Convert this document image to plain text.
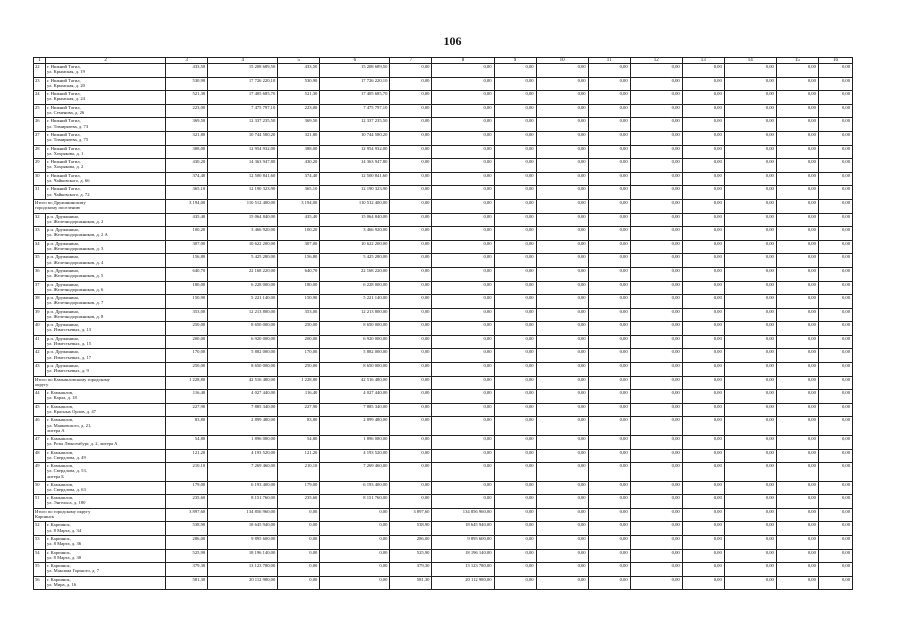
106
1	2	3	4	5	6	7	8	9	10	11	12	13	14	15	16
22	г. Нижний Тагил,
ул. Крымская, д. 19	433,50	15 208 689,50	433,50	15 208 689,50	0,00	0,00	0,00	0,00	0,00	0,00	0,00	0,00	0,00	0,00
23	г. Нижний Тагил,
ул. Крымская, д. 20	530,90	17 726 220,10	530,90	17 726 220,10	0,00	0,00	0,00	0,00	0,00	0,00	0,00	0,00	0,00	0,00
24	г. Нижний Тагил,
ул. Крымская, д. 24	521,30	17 405 685,70	521,30	17 405 685,70	0,00	0,00	0,00	0,00	0,00	0,00	0,00	0,00	0,00	0,00
25	г. Нижний Тагил,
ул. Семенова, д. 26	223,00	7 475 797,10	223,00	7 475 797,10	0,00	0,00	0,00	0,00	0,00	0,00	0,00	0,00	0,00	0,00
26	г. Нижний Тагил,
ул. Тимирязева, д. 73	369,50	12 337 235,50	369,50	12 337 235,50	0,00	0,00	0,00	0,00	0,00	0,00	0,00	0,00	0,00	0,00
27	г. Нижний Тагил,
ул. Тимирязева, д. 75	321,80	10 744 580,20	321,80	10 744 580,20	0,00	0,00	0,00	0,00	0,00	0,00	0,00	0,00	0,00	0,00
28	г. Нижний Тагил,
ул. Хохрякова, д. 1	388,00	12 954 932,00	388,00	12 954 932,00	0,00	0,00	0,00	0,00	0,00	0,00	0,00	0,00	0,00	0,00
29	г. Нижний Тагил,
ул. Хохрякова, д. 2	430,20	14 363 947,80	430,20	14 363 947,80	0,00	0,00	0,00	0,00	0,00	0,00	0,00	0,00	0,00	0,00
30	г. Нижний Тагил,
ул. Чайковского, д. 66	374,40	12 500 841,60	374,40	12 500 841,60	0,00	0,00	0,00	0,00	0,00	0,00	0,00	0,00	0,00	0,00
31	г. Нижний Тагил,
ул. Чайковского, д. 72	365,10	12 190 323,90	365,10	12 190 323,90	0,00	0,00	0,00	0,00	0,00	0,00	0,00	0,00	0,00	0,00

Итого по Дружининскому
городскому поселению		3 194,00	110 512 400,00	3 194,00	110 512 400,00	0,00	0,00	0,00	0,00	0,00	0,00	0,00	0,00	0,00	0,00
32	р.п. Дружинино,
ул. Железнодорожников, д. 2	435,40	15 064 840,00	435,40	15 064 840,00	0,00	0,00	0,00	0,00	0,00	0,00	0,00	0,00	0,00	0,00
33	р.п. Дружинино,
ул. Железнодорожников, д. 2 А	100,20	3 466 920,00	100,20	3 466 920,00	0,00	0,00	0,00	0,00	0,00	0,00	0,00	0,00	0,00	0,00
34	р.п. Дружинино,
ул. Железнодорожников, д. 3	307,00	10 622 200,00	307,00	10 622 200,00	0,00	0,00	0,00	0,00	0,00	0,00	0,00	0,00	0,00	0,00
35	р.п. Дружинино,
ул. Железнодорожников, д. 4	156,80	5 425 280,00	156,80	5 425 280,00	0,00	0,00	0,00	0,00	0,00	0,00	0,00	0,00	0,00	0,00
36	р.п. Дружинино,
ул. Железнодорожников, д. 5	640,70	22 168 220,00	640,70	22 168 220,00	0,00	0,00	0,00	0,00	0,00	0,00	0,00	0,00	0,00	0,00
37	р.п. Дружинино,
ул. Железнодорожников, д. 6	180,00	6 228 000,00	180,00	6 228 000,00	0,00	0,00	0,00	0,00	0,00	0,00	0,00	0,00	0,00	0,00
38	р.п. Дружинино,
ул. Железнодорожников, д. 7	150,90	5 221 140,00	150,90	5 221 140,00	0,00	0,00	0,00	0,00	0,00	0,00	0,00	0,00	0,00	0,00
39	р.п. Дружинино,
ул. Железнодорожников, д. 8	353,00	12 213 800,00	353,00	12 213 800,00	0,00	0,00	0,00	0,00	0,00	0,00	0,00	0,00	0,00	0,00
40	р.п. Дружинино,
ул. Изместьевых, д. 13	250,00	8 650 000,00	250,00	8 650 000,00	0,00	0,00	0,00	0,00	0,00	0,00	0,00	0,00	0,00	0,00
41	р.п. Дружинино,
ул. Изместьевых, д. 15	200,00	6 920 000,00	200,00	6 920 000,00	0,00	0,00	0,00	0,00	0,00	0,00	0,00	0,00	0,00	0,00
42	р.п. Дружинино,
ул. Изместьевых, д. 17	170,00	5 882 000,00	170,00	5 882 000,00	0,00	0,00	0,00	0,00	0,00	0,00	0,00	0,00	0,00	0,00
43	р.п. Дружинино,
ул. Изместьевых, д. 9	250,00	8 650 000,00	250,00	8 650 000,00	0,00	0,00	0,00	0,00	0,00	0,00	0,00	0,00	0,00	0,00

Итого по Камышловскому городскому
округу		1 228,80	42 516 480,00	1 228,80	42 516 480,00	0,00	0,00	0,00	0,00	0,00	0,00	0,00	0,00	0,00	0,00
44	г. Камышлов,
ул. Карла, д. 18	116,40	4 027 440,00	116,40	4 027 440,00	0,00	0,00	0,00	0,00	0,00	0,00	0,00	0,00	0,00	0,00
45	г. Камышлов,
ул. Красных Орлов, д. 47	227,90	7 885 340,00	227,90	7 885 340,00	0,00	0,00	0,00	0,00	0,00	0,00	0,00	0,00	0,00	0,00
46	г. Камышлов,
ул. Маяковского, д. 21,
литера А	83,80	2 899 480,00	83,80	2 899 480,00	0,00	0,00	0,00	0,00	0,00	0,00	0,00	0,00	0,00	0,00
47	г. Камышлов,
ул. Розы Люксембург, д. 2, литера А	54,80	1 896 080,00	54,80	1 896 080,00	0,00	0,00	0,00	0,00	0,00	0,00	0,00	0,00	0,00	0,00
48	г. Камышлов,
ул. Свердлова, д. 49	121,20	4 193 520,00	121,20	4 193 520,00	0,00	0,00	0,00	0,00	0,00	0,00	0,00	0,00	0,00	0,00
49	г. Камышлов,
ул. Свердлова, д. 53,
литера Б	210,10	7 269 460,00	210,10	7 269 460,00	0,00	0,00	0,00	0,00	0,00	0,00	0,00	0,00	0,00	0,00
50	г. Камышлов,
ул. Свердлова, д. 63	179,00	6 193 400,00	179,00	6 193 400,00	0,00	0,00	0,00	0,00	0,00	0,00	0,00	0,00	0,00	0,00
51	г. Камышлов,
ул. Энгельса, д. 180	235,60	8 151 760,00	235,60	8 151 760,00	0,00	0,00	0,00	0,00	0,00	0,00	0,00	0,00	0,00	0,00

Итого по городскому округу
Карпинск		3 897,60	134 856 960,00	0,00	0,00	3 897,60	134 856 960,00	0,00	0,00	0,00	0,00	0,00	0,00	0,00	0,00
52	г. Карпинск,
ул. 8 Марта, д. 34	538,90	18 645 940,00	0,00	0,00	538,90	18 645 940,00	0,00	0,00	0,00	0,00	0,00	0,00	0,00	0,00
53	г. Карпинск,
ул. 8 Марта, д. 36	286,00	9 895 600,00	0,00	0,00	286,00	9 895 600,00	0,00	0,00	0,00	0,00	0,00	0,00	0,00	0,00
54	г. Карпинск,
ул. 8 Марта, д. 38	525,90	18 196 140,00	0,00	0,00	525,90	18 196 140,00	0,00	0,00	0,00	0,00	0,00	0,00	0,00	0,00
55	г. Карпинск,
ул. Максима Горького, д. 7	379,30	13 123 780,00	0,00	0,00	379,30	13 123 780,00	0,00	0,00	0,00	0,00	0,00	0,00	0,00	0,00
56	г. Карпинск,
ул. Мира, д. 16	581,30	20 112 980,00	0,00	0,00	581,30	20 112 980,00	0,00	0,00	0,00	0,00	0,00	0,00	0,00	0,00
